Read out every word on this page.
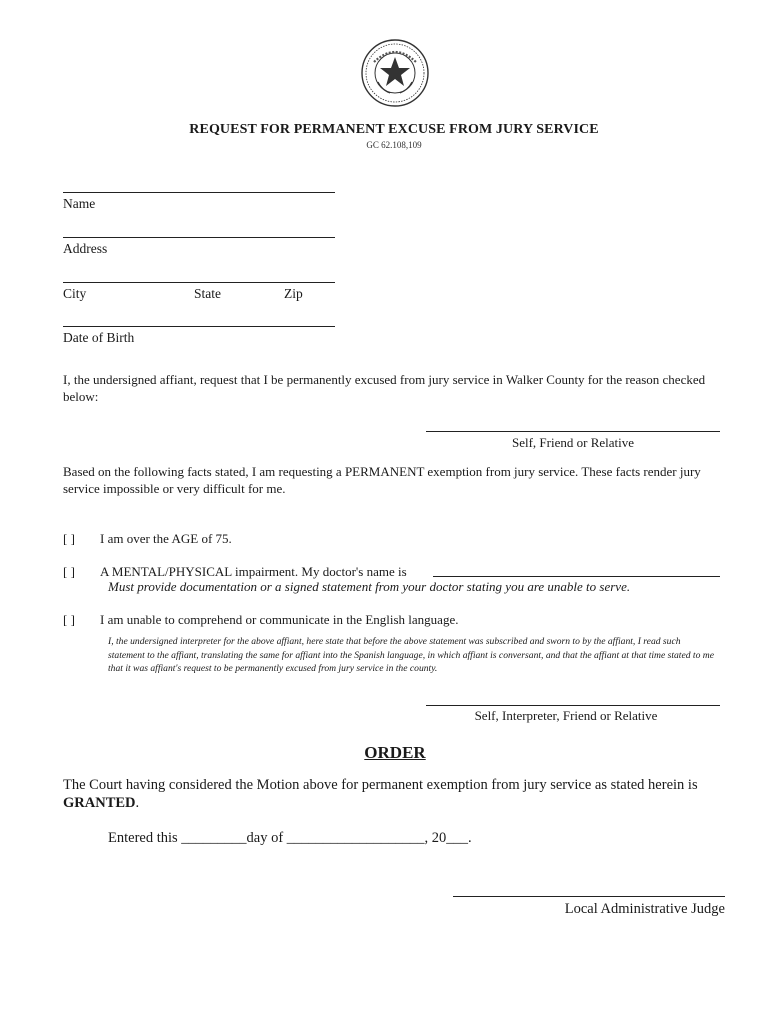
REQUEST FOR PERMANENT EXCUSE FROM JURY SERVICE
GC 62.108,109
Name
Address
City	State	Zip
Date of Birth
I, the undersigned affiant, request that I be permanently excused from jury service in Walker County for the reason checked below:
Self, Friend or Relative
Based on the following facts stated, I am requesting a PERMANENT exemption from jury service. These facts render jury service impossible or very difficult for me.
[ ] I am over the AGE of 75.
[ ] A MENTAL/PHYSICAL impairment. My doctor's name is
Must provide documentation or a signed statement from your doctor stating you are unable to serve.
[ ] I am unable to comprehend or communicate in the English language.
I, the undersigned interpreter for the above affiant, here state that before the above statement was subscribed and sworn to by the affiant, I read such statement to the affiant, translating the same for affiant into the Spanish language, in which affiant is conversant, and that the affiant at that time stated to me that it was affiant's request to be permanently excused from jury service in the county.
Self, Interpreter, Friend or Relative
ORDER
The Court having considered the Motion above for permanent exemption from jury service as stated herein is GRANTED.
Entered this _________day of ___________________, 20___.
Local Administrative Judge
